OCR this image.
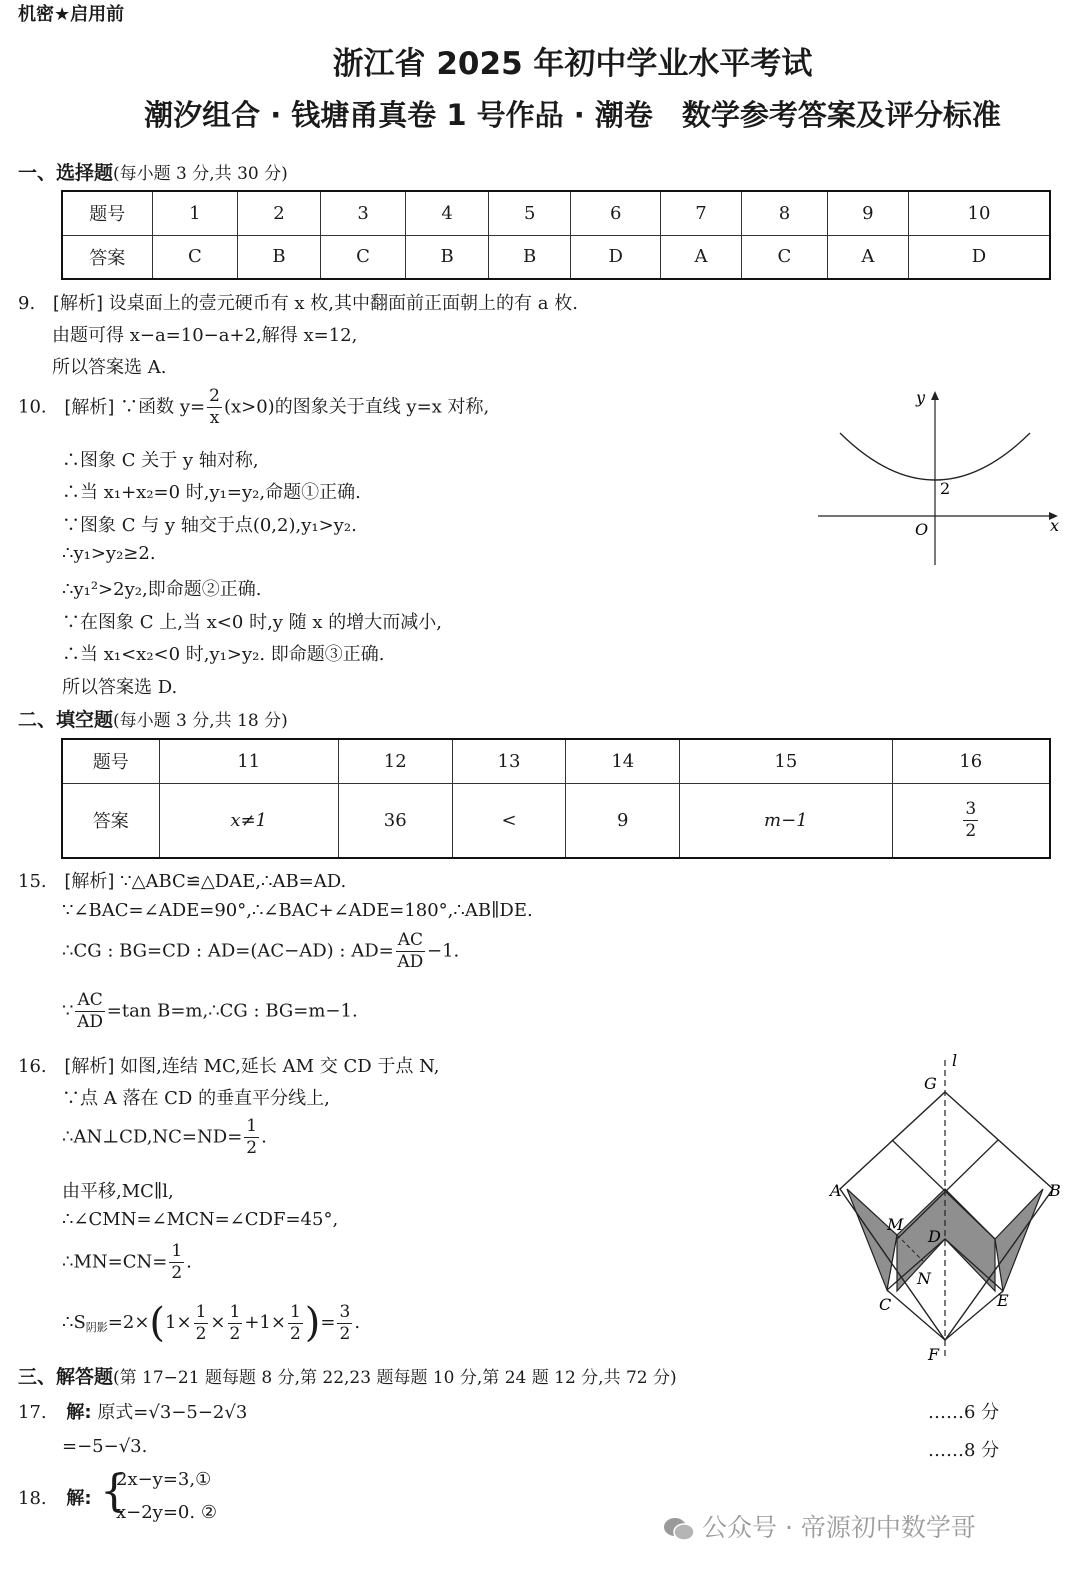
机密★启用前
浙江省 2025 年初中学业水平考试
潮汐组合 · 钱塘甬真卷 1 号作品 · 潮卷　数学参考答案及评分标准
一、选择题(每小题 3 分,共 30 分)
题号	1	2	3	4	5	6	7	8	9	10
答案	C	B	C	B	B	D	A	C	A	D
9. [解析] 设桌面上的壹元硬币有 x 枚,其中翻面前正面朝上的有 a 枚.
由题可得 x−a=10−a+2,解得 x=12,
所以答案选 A.
10. [解析] ∵函数 $y= \frac{2}{x} (x>0)$的图象关于直线 y=x 对称,
∴图象 C 关于 y 轴对称,
∴当 x₁+x₂=0 时,y₁=y₂,命题①正确.
∵图象 C 与 y 轴交于点(0,2),y₁>y₂.
∴y₁>y₂≥2.
∴y₁²>2y₂,即命题②正确.
∵在图象 C 上,当 x<0 时,y 随 x 的增大而减小,
∴当 x₁<x₂<0 时,y₁>y₂. 即命题③正确.
所以答案选 D.
y
x
O
2
二、填空题(每小题 3 分,共 18 分)
题号	11	12	13	14	15	16
答案	x≠1	36	<	9	m−1	$\frac{3}{2}$
15. [解析] ∵△ABC≌△DAE,∴AB=AD.
∵∠BAC=∠ADE=90°,∴∠BAC+∠ADE=180°,∴AB∥DE.
∴CG : BG=CD : AD=(AC−AD) : $AD= \frac{AC}{AD} -1$.
∵ $\frac{AC}{AD} =\tan$ B=m,∴CG : BG=m−1.
16. [解析] 如图,连结 MC,延长 AM 交 CD 于点 N,
∵点 A 落在 CD 的垂直平分线上,
∴AN⊥CD,NC=ND= $\frac{1}{2}$ .
由平移,MC∥l,
∴∠CMN=∠MCN=∠CDF=45°,
∴MN=CN= $\frac{1}{2}$ .
$\therefore S_{阴影}=2\times(1\times \frac{1}{2} \times \frac{1}{2} +1\times \frac{1}{2}$ )= $\frac{3}{2}$ .
l
G
A	B
M
D
N
C	E
F
三、解答题(第 17−21 题每题 8 分,第 22,23 题每题 10 分,第 24 题 12 分,共 72 分)
17. 解: 原式=√3−5−2√3
=−5−√3.
……6 分
……8 分
18. 解: {
2x−y=3,①
x−2y=0. ②
公众号 · 帝源初中数学哥
